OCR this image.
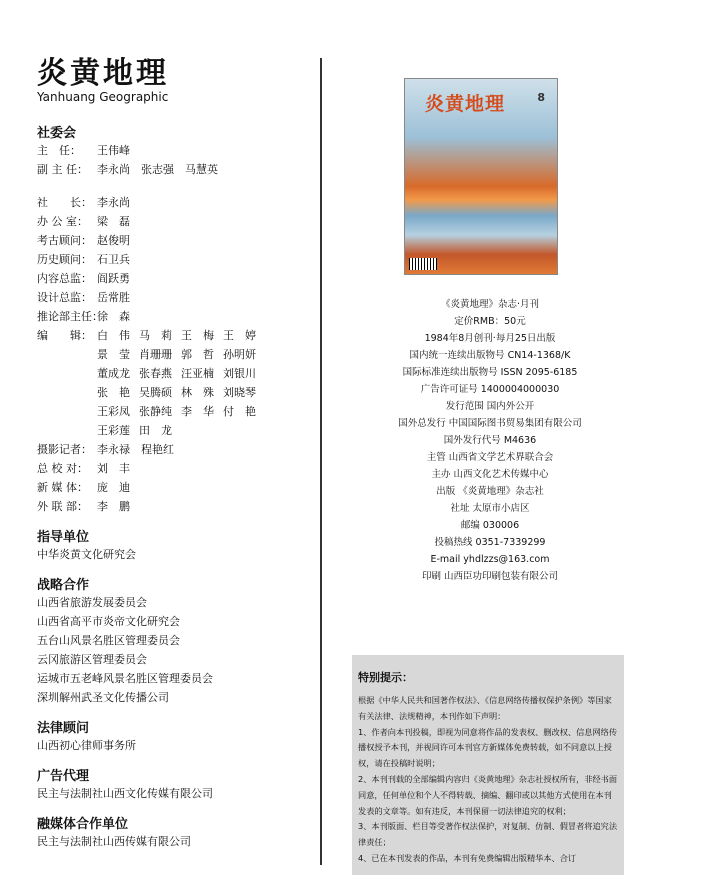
炎黄地理
Yanhuang Geographic
社委会
主　任： 王伟峰
副 主 任： 李永尚　张志强　马慧英
社　　长： 李永尚
办 公 室： 梁　磊
考古顾问： 赵俊明
历史顾问： 石卫兵
内容总监： 阎跃勇
设计总监： 岳常胜
推论部主任：徐　森
编　　辑： 白　伟 马　莉 王　梅 王　婷
景　莹 肖珊珊 郭　哲 孙明妍
董成龙 张春燕 汪亚楠 刘银川
张　艳 吴腾硕 林　殊 刘晓琴
王彩凤 张静纯 李　华 付　艳
王彩莲 田　龙
摄影记者： 李永禄　程艳红
总 校 对： 刘　丰
新 媒 体： 庞　迪
外 联 部： 李　鹏
指导单位
中华炎黄文化研究会
战略合作
山西省旅游发展委员会
山西省高平市炎帝文化研究会
五台山风景名胜区管理委员会
云冈旅游区管理委员会
运城市五老峰风景名胜区管理委员会
深圳解州武圣文化传播公司
法律顾问
山西初心律师事务所
广告代理
民主与法制社山西文化传媒有限公司
融媒体合作单位
民主与法制社山西传媒有限公司
炎黄地理	8
《炎黄地理》杂志·月刊
定价RMB：50元
1984年8月创刊·每月25日出版
国内统一连续出版物号 CN14-1368/K
国际标准连续出版物号 ISSN 2095-6185
广告许可证号 1400004000030
发行范围 国内外公开
国外总发行 中国国际图书贸易集团有限公司
国外发行代号 M4636
主管 山西省文学艺术界联合会
主办 山西文化艺术传媒中心
出版 《炎黄地理》杂志社
社址 太原市小店区
邮编 030006
投稿热线 0351-7339299
E-mail yhdlzzs@163.com
印刷 山西臣功印刷包装有限公司
特别提示：

根据《中华人民共和国著作权法》、《信息网络传播权保护条例》等国家有关法律、法规精神，本刊作如下声明：

1、作者向本刊投稿，即视为同意将作品的发表权、删改权、信息网络传播权授予本刊，并视同许可本刊官方新媒体免费转载，如不同意以上授权，请在投稿时说明；

2、本刊刊载的全部编辑内容归《炎黄地理》杂志社授权所有，非经书面同意，任何单位和个人不得转载、摘编、翻印或以其他方式使用在本刊发表的文章等。如有违反，本刊保留一切法律追究的权利；

3、本刊版面、栏目等受著作权法保护，对复制、仿制、假冒者将追究法律责任；

4、已在本刊发表的作品，本刊有免费编辑出版精华本、合订
